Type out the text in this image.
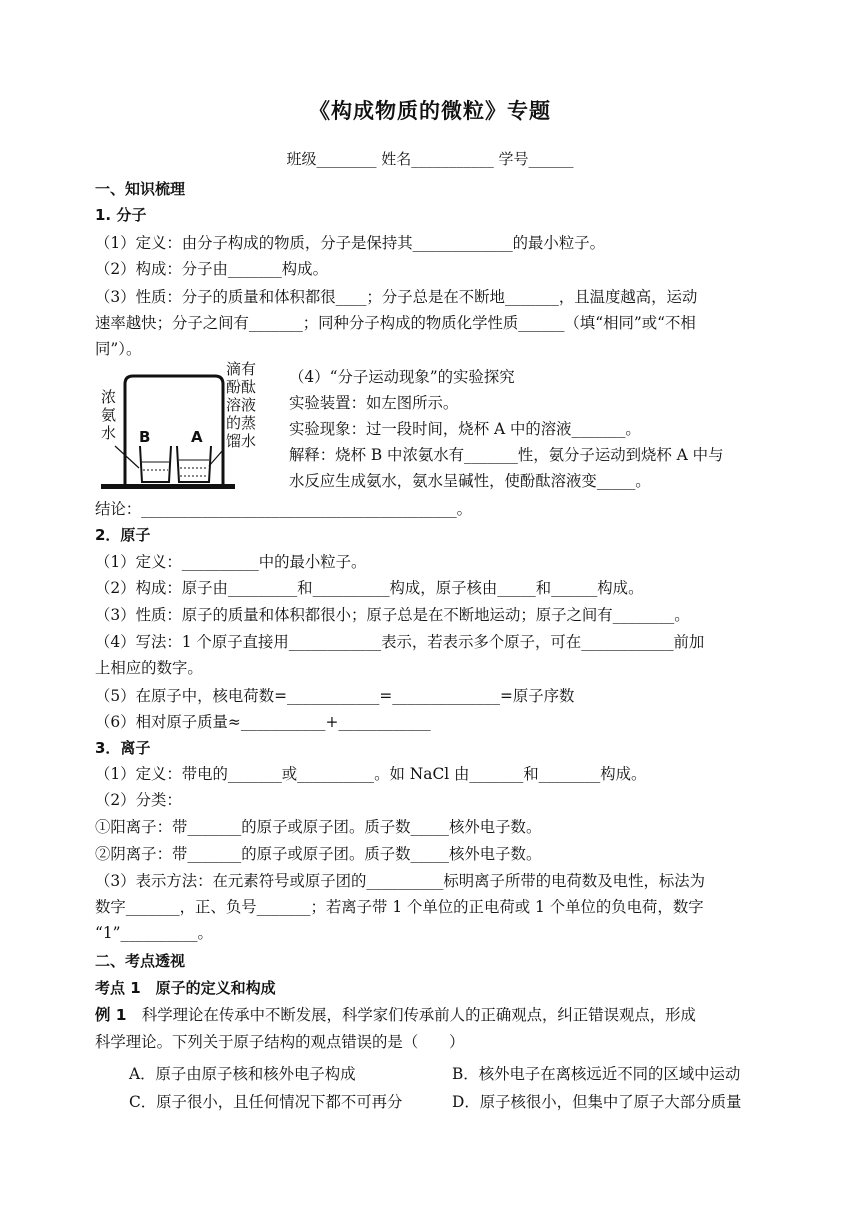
《构成物质的微粒》专题
班级________ 姓名___________ 学号______
一、知识梳理
1. 分子
（1）定义：由分子构成的物质，分子是保持其_____________的最小粒子。
（2）构成：分子由_______构成。
（3）性质：分子的质量和体积都很____；分子总是在不断地_______，且温度越高，运动
速率越快；分子之间有_______；同种分子构成的物质化学性质______（填“相同”或“不相
同”）。
浓
氨
水
滴有
酚酞
溶液
的蒸
馏水
B	A
（4）“分子运动现象”的实验探究
实验装置：如左图所示。
实验现象：过一段时间，烧杯 A 中的溶液_______。
解释：烧杯 B 中浓氨水有_______性，氨分子运动到烧杯 A 中与
水反应生成氨水，氨水呈碱性，使酚酞溶液变_____。
结论：_________________________________________。
2．原子
（1）定义：__________中的最小粒子。
（2）构成：原子由_________和__________构成，原子核由_____和______构成。
（3）性质：原子的质量和体积都很小；原子总是在不断地运动；原子之间有________。
（4）写法：1 个原子直接用____________表示，若表示多个原子，可在____________前加
上相应的数字。
（5）在原子中，核电荷数=____________=______________=原子序数
（6）相对原子质量≈___________+____________
3．离子
（1）定义：带电的_______或__________。如 NaCl 由_______和________构成。
（2）分类：
①阳离子：带_______的原子或原子团。质子数_____核外电子数。
②阴离子：带_______的原子或原子团。质子数_____核外电子数。
（3）表示方法：在元素符号或原子团的__________标明离子所带的电荷数及电性，标法为
数字_______，正、负号_______；若离子带 1 个单位的正电荷或 1 个单位的负电荷，数字
“1”__________。
二、考点透视
考点 1　原子的定义和构成
例 1　科学理论在传承中不断发展，科学家们传承前人的正确观点，纠正错误观点，形成
科学理论。下列关于原子结构的观点错误的是（　　）
A．原子由原子核和核外电子构成	B．核外电子在离核远近不同的区域中运动
C．原子很小，且任何情况下都不可再分	D．原子核很小，但集中了原子大部分质量
